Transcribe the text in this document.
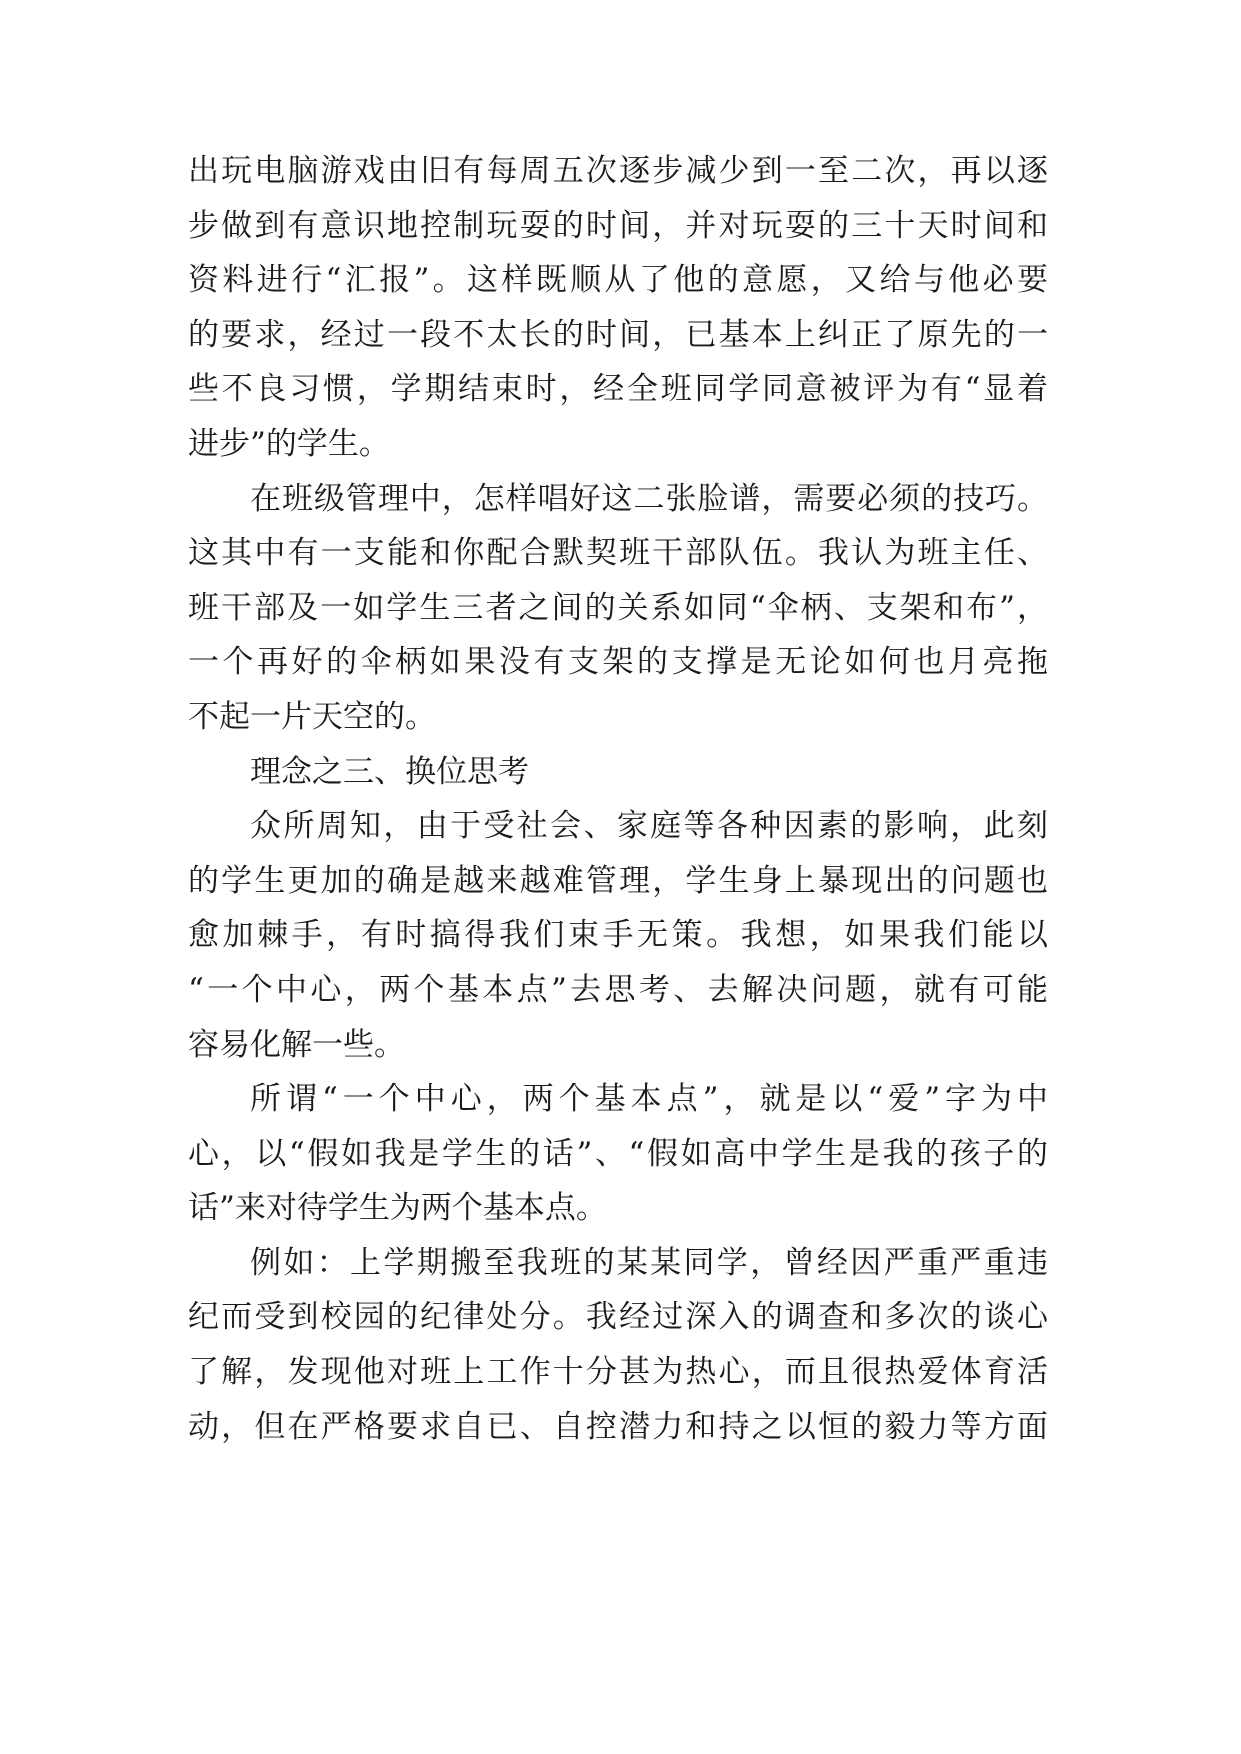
出玩电脑游戏由旧有每周五次逐步减少到一至二次，再以逐
步做到有意识地控制玩耍的时间，并对玩耍的三十天时间和
资料进行“汇报”。这样既顺从了他的意愿，又给与他必要
的要求，经过一段不太长的时间，已基本上纠正了原先的一
些不良习惯，学期结束时，经全班同学同意被评为有“显着
进步”的学生。
在班级管理中，怎样唱好这二张脸谱，需要必须的技巧。
这其中有一支能和你配合默契班干部队伍。我认为班主任、
班干部及一如学生三者之间的关系如同“伞柄、支架和布”，
一个再好的伞柄如果没有支架的支撑是无论如何也月亮拖
不起一片天空的。
理念之三、换位思考
众所周知，由于受社会、家庭等各种因素的影响，此刻
的学生更加的确是越来越难管理，学生身上暴现出的问题也
愈加棘手，有时搞得我们束手无策。我想，如果我们能以
“一个中心，两个基本点”去思考、去解决问题，就有可能
容易化解一些。
所谓“一个中心，两个基本点”，就是以“爱”字为中
心，以“假如我是学生的话”、“假如高中学生是我的孩子的
话”来对待学生为两个基本点。
例如：上学期搬至我班的某某同学，曾经因严重严重违
纪而受到校园的纪律处分。我经过深入的调查和多次的谈心
了解，发现他对班上工作十分甚为热心，而且很热爱体育活
动，但在严格要求自已、自控潜力和持之以恒的毅力等方面
